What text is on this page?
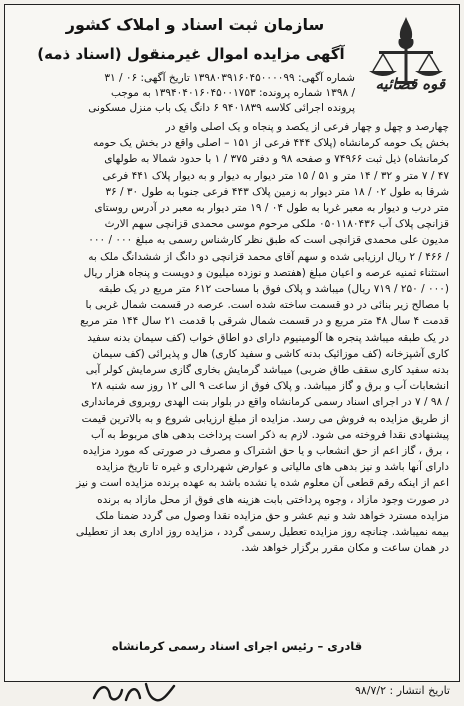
قوه قضائیه
سازمان ثبت اسناد و املاک کشور
آگهی مزایده اموال غیرمنقول (اسناد ذمه)
شماره آگهی: ۱۳۹۸۰۳۹۱۶۰۴۵۰۰۰۰۹۹ تاریخ آگهی: ۰۶ / ۳۱
/ ۱۳۹۸ شماره پرونده: ۱۳۹۴۰۴۰۱۶۰۴۵۰۰۱۷۵۳ به موجب
پرونده اجرائی کلاسه ۹۴۰۱۸۳۹ ۶ دانگ یک باب منزل مسکونی
چهارصد و چهل و چهار فرعی از یکصد و پنجاه و یک اصلی واقع در
بخش یک حومه کرمانشاه (پلاک ۴۴۴ فرعی از ۱۵۱ – اصلی واقع در بخش یک حومه
کرمانشاه) ذیل ثبت ۷۴۹۶۶ و صفحه ۹۸ و دفتر ۳۷۵ / ۱ با حدود شمالا به طولهای
۴۷ / ۷ متر و ۳۲ / ۱۴ متر و ۵۱ / ۱۵ متر دیوار به دیوار و به دیوار پلاک ۴۴۱ فرعی
شرقا به طول ۰۲ / ۱۸ متر دیوار به زمین پلاک ۴۴۳ فرعی جنوبا به طول ۳۰ / ۳۶
متر درب و دیوار به معبر غربا به طول ۰۴ / ۱۹ متر دیوار به معبر در آدرس روستای
قزانچی پلاک آب ۰۵۰۱۱۸۰۴۳۶ ملکی مرحوم موسی محمدی قزانچی سهم الارث
مدیون علی محمدی قزانچی است که طبق نظر کارشناس رسمی به مبلغ ۰۰۰ / ۰۰۰
/ ۴۶۶ / ۲ ریال ارزیابی شده و سهم آقای محمد قزانچی دو دانگ از ششدانگ ملک به
استثناء ثمنیه عرصه و اعیان مبلغ (هفتصد و نوزده میلیون و دویست و پنجاه هزار ریال
(۰۰۰ / ۲۵۰ / ۷۱۹ ریال) میباشد و پلاک فوق با مساحت ۶۱۲ متر مربع در یک طبقه
با مصالح زیر بنائی در دو قسمت ساخته شده است. عرصه در قسمت شمال غربی با
قدمت ۴ سال ۴۸ متر مربع و در قسمت شمال شرقی با قدمت ۲۱ سال ۱۴۴ متر مربع
در یک طبقه میباشد پنجره ها آلومینیوم دارای دو اطاق خواب (کف سیمان بدنه سفید
کاری آشپزخانه (کف موزائیک بدنه کاشی و سفید کاری) هال و پذیرائی (کف سیمان
بدنه سفید کاری سقف طاق ضربی) میباشد گرمایش بخاری گازی سرمایش کولر آبی
انشعابات آب و برق و گاز میباشد. و پلاک فوق از ساعت ۹ الی ۱۲ روز سه شنبه ۲۸
/ ۹۸ / ۷ در اجرای اسناد رسمی کرمانشاه واقع در بلوار بنت الهدی روبروی فرمانداری
از طریق مزایده به فروش می رسد. مزایده از مبلغ ارزیابی شروع و به بالاترین قیمت
پیشنهادی نقدا فروخته می شود. لازم به ذکر است پرداخت بدهی های مربوط به آب
، برق ، گاز اعم از حق انشعاب و یا حق اشتراک و مصرف در صورتی که مورد مزایده
دارای آنها باشد و نیز بدهی های مالیاتی و عوارض شهرداری و غیره تا تاریخ مزایده
اعم از اینکه رقم قطعی آن معلوم شده یا نشده باشد به عهده برنده مزایده است و نیز
در صورت وجود مازاد ، وجوه پرداختی بابت هزینه های فوق از محل مازاد به برنده
مزایده مسترد خواهد شد و نیم عشر و حق مزایده نقدا وصول می گردد ضمنا ملک
بیمه نمیباشد. چنانچه روز مزایده تعطیل رسمی گردد ، مزایده روز اداری بعد از تعطیلی
در همان ساعت و مکان مقرر برگزار خواهد شد.
قادری – رئیس اجرای اسناد رسمی کرمانشاه
تاریخ انتشار : ۹۸/۷/۲
